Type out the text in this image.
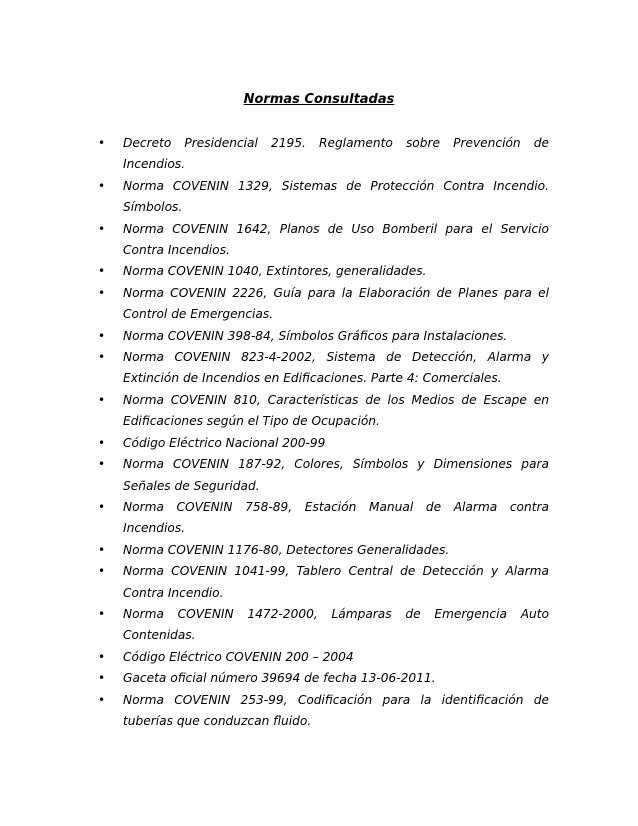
Normas Consultadas
• Decreto Presidencial 2195. Reglamento sobre Prevención de Incendios.
• Norma COVENIN 1329, Sistemas de Protección Contra Incendio. Símbolos.
• Norma COVENIN 1642, Planos de Uso Bomberil para el Servicio Contra Incendios.
• Norma COVENIN 1040, Extintores, generalidades.
• Norma COVENIN 2226, Guía para la Elaboración de Planes para el Control de Emergencias.
• Norma COVENIN 398-84, Símbolos Gráficos para Instalaciones.
• Norma COVENIN 823-4-2002, Sistema de Detección, Alarma y Extinción de Incendios en Edificaciones. Parte 4: Comerciales.
• Norma COVENIN 810, Características de los Medios de Escape en Edificaciones según el Tipo de Ocupación.
• Código Eléctrico Nacional 200-99
• Norma COVENIN 187-92, Colores, Símbolos y Dimensiones para Señales de Seguridad.
• Norma COVENIN 758-89, Estación Manual de Alarma contra Incendios.
• Norma COVENIN 1176-80, Detectores Generalidades.
• Norma COVENIN 1041-99, Tablero Central de Detección y Alarma Contra Incendio.
• Norma COVENIN 1472-2000, Lámparas de Emergencia Auto Contenidas.
• Código Eléctrico COVENIN 200 – 2004
• Gaceta oficial número 39694 de fecha 13-06-2011.
• Norma COVENIN 253-99, Codificación para la identificación de tuberías que conduzcan fluido.
